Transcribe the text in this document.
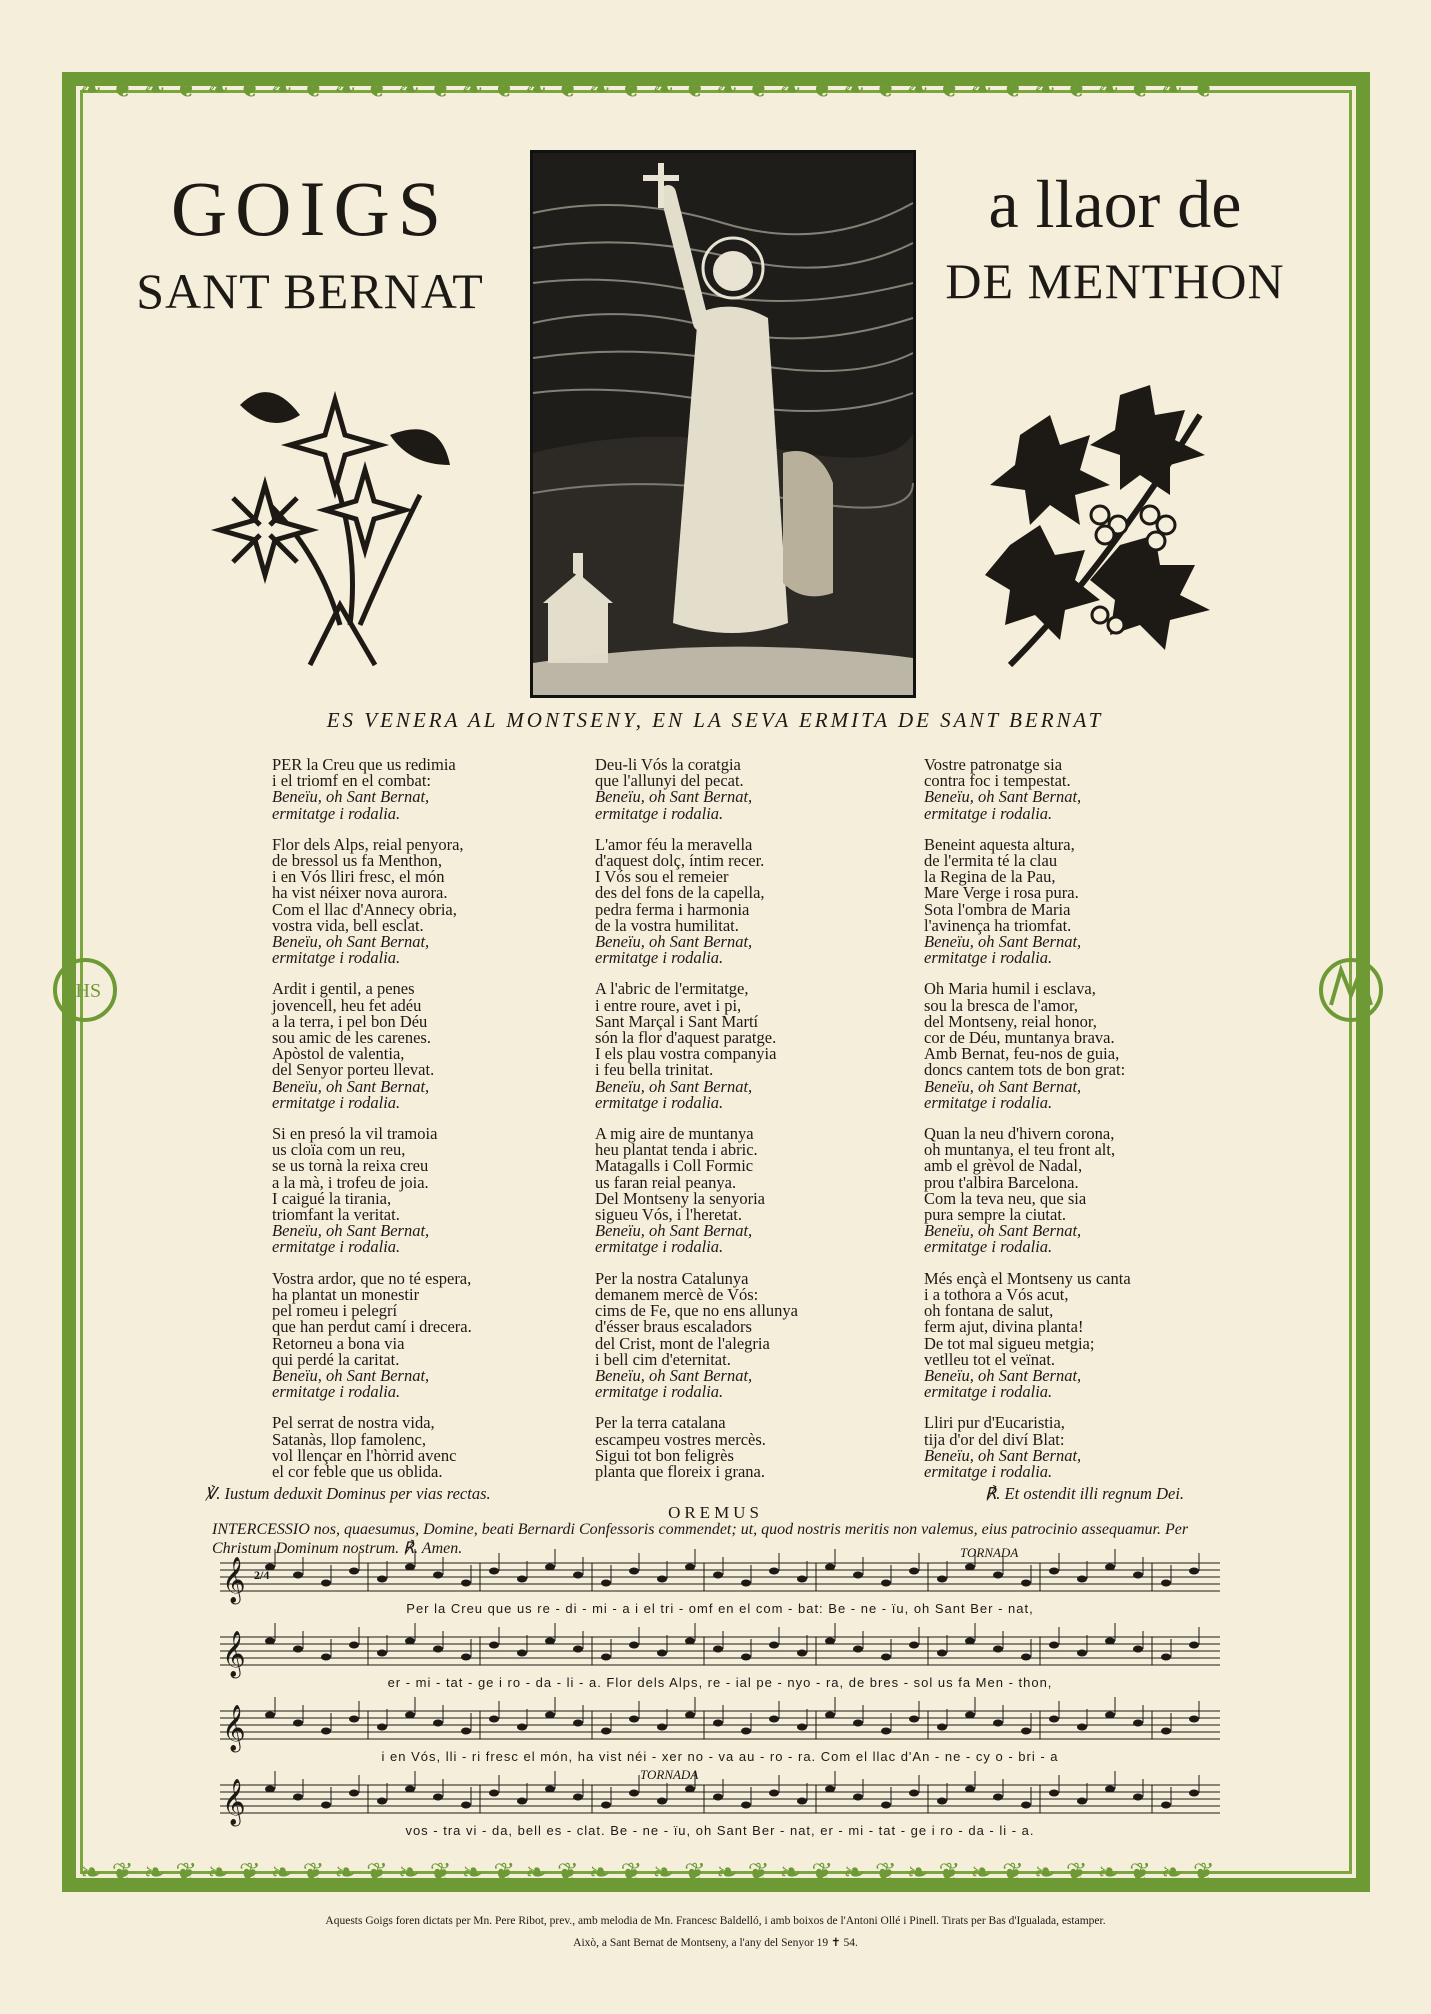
GOIGS

SANT BERNAT

a llaor de

DE MENTHON

ES VENERA AL MONTSENY, EN LA SEVA ERMITA DE SANT BERNAT
PER la Creu que us redimia
i el triomf en el combat:
Beneïu, oh Sant Bernat,
ermitatge i rodalia.
Flor dels Alps, reial penyora,
de bressol us fa Menthon,
i en Vós lliri fresc, el món
ha vist néixer nova aurora.
Com el llac d'Annecy obria,
vostra vida, bell esclat.
Beneïu, oh Sant Bernat,
ermitatge i rodalia.
Ardit i gentil, a penes
jovencell, heu fet adéu
a la terra, i pel bon Déu
sou amic de les carenes.
Apòstol de valentia,
del Senyor porteu llevat.
Beneïu, oh Sant Bernat,
ermitatge i rodalia.
Si en presó la vil tramoia
us cloïa com un reu,
se us tornà la reixa creu
a la mà, i trofeu de joia.
I caigué la tirania,
triomfant la veritat.
Beneïu, oh Sant Bernat,
ermitatge i rodalia.
Vostra ardor, que no té espera,
ha plantat un monestir
pel romeu i pelegrí
que han perdut camí i drecera.
Retorneu a bona via
qui perdé la caritat.
Beneïu, oh Sant Bernat,
ermitatge i rodalia.
Pel serrat de nostra vida,
Satanàs, llop famolenc,
vol llençar en l'hòrrid avenc
el cor feble que us oblida.
Deu-li Vós la coratgia
que l'allunyi del pecat.
Beneïu, oh Sant Bernat,
ermitatge i rodalia.
L'amor féu la meravella
d'aquest dolç, íntim recer.
I Vós sou el remeier
des del fons de la capella,
pedra ferma i harmonia
de la vostra humilitat.
Beneïu, oh Sant Bernat,
ermitatge i rodalia.
A l'abric de l'ermitatge,
i entre roure, avet i pi,
Sant Marçal i Sant Martí
són la flor d'aquest paratge.
I els plau vostra companyia
i feu bella trinitat.
Beneïu, oh Sant Bernat,
ermitatge i rodalia.
A mig aire de muntanya
heu plantat tenda i abric.
Matagalls i Coll Formic
us faran reial peanya.
Del Montseny la senyoria
sigueu Vós, i l'heretat.
Beneïu, oh Sant Bernat,
ermitatge i rodalia.
Per la nostra Catalunya
demanem mercè de Vós:
cims de Fe, que no ens allunya
d'ésser braus escaladors
del Crist, mont de l'alegria
i bell cim d'eternitat.
Beneïu, oh Sant Bernat,
ermitatge i rodalia.
Per la terra catalana
escampeu vostres mercès.
Sigui tot bon feligrès
planta que floreix i grana.
Vostre patronatge sia
contra foc i tempestat.
Beneïu, oh Sant Bernat,
ermitatge i rodalia.
Beneint aquesta altura,
de l'ermita té la clau
la Regina de la Pau,
Mare Verge i rosa pura.
Sota l'ombra de Maria
l'avinença ha triomfat.
Beneïu, oh Sant Bernat,
ermitatge i rodalia.
Oh Maria humil i esclava,
sou la bresca de l'amor,
del Montseny, reial honor,
cor de Déu, muntanya brava.
Amb Bernat, feu-nos de guia,
doncs cantem tots de bon grat:
Beneïu, oh Sant Bernat,
ermitatge i rodalia.
Quan la neu d'hivern corona,
oh muntanya, el teu front alt,
amb el grèvol de Nadal,
prou t'albira Barcelona.
Com la teva neu, que sia
pura sempre la ciutat.
Beneïu, oh Sant Bernat,
ermitatge i rodalia.
Més ençà el Montseny us canta
i a tothora a Vós acut,
oh fontana de salut,
ferm ajut, divina planta!
De tot mal sigueu metgia;
vetlleu tot el veïnat.
Beneïu, oh Sant Bernat,
ermitatge i rodalia.
Lliri pur d'Eucaristia,
tija d'or del diví Blat:
Beneïu, oh Sant Bernat,
ermitatge i rodalia.
IHS
℣. Iustum deduxit Dominus per vias rectas.	℟. Et ostendit illi regnum Dei.
OREMUS
INTERCESSIO nos, quaesumus, Domine, beati Bernardi Confessoris commendet; ut, quod nostris meritis non valemus, eius patrocinio assequamur. Per Christum Dominum nostrum. ℟. Amen.
𝄞
Per la Creu que us re - di - mi - a i el tri - omf en el com - bat: Be - ne - ïu, oh Sant Ber - nat,
𝄞
er - mi - tat - ge i ro - da - li - a. Flor dels Alps, re - ial pe - nyo - ra, de bres - sol us fa Men - thon,
𝄞
i en Vós, lli - ri fresc el món, ha vist néi - xer no - va au - ro - ra. Com el llac d'An - ne - cy o - bri - a
𝄞
vos - tra vi - da, bell es - clat. Be - ne - ïu, oh Sant Ber - nat, er - mi - tat - ge i ro - da - li - a.
TORNADA
TORNADA
2/4
Aquests Goigs foren dictats per Mn. Pere Ribot, prev., amb melodia de Mn. Francesc Baldelló, i amb boixos de l'Antoni Ollé i Pinell. Tirats per Bas d'Igualada, estamper.
Això, a Sant Bernat de Montseny, a l'any del Senyor 19 ✝ 54.
❧ ❦ ❧ ❦ ❧ ❦ ❧ ❦ ❧ ❦ ❧ ❦ ❧ ❦ ❧ ❦ ❧ ❦ ❧ ❦ ❧ ❦ ❧ ❦ ❧ ❦ ❧ ❦ ❧ ❦ ❧ ❦ ❧ ❦ ❧ ❦
❧ ❦ ❧ ❦ ❧ ❦ ❧ ❦ ❧ ❦ ❧ ❦ ❧ ❦ ❧ ❦ ❧ ❦ ❧ ❦ ❧ ❦ ❧ ❦ ❧ ❦ ❧ ❦ ❧ ❦ ❧ ❦ ❧ ❦ ❧ ❦
